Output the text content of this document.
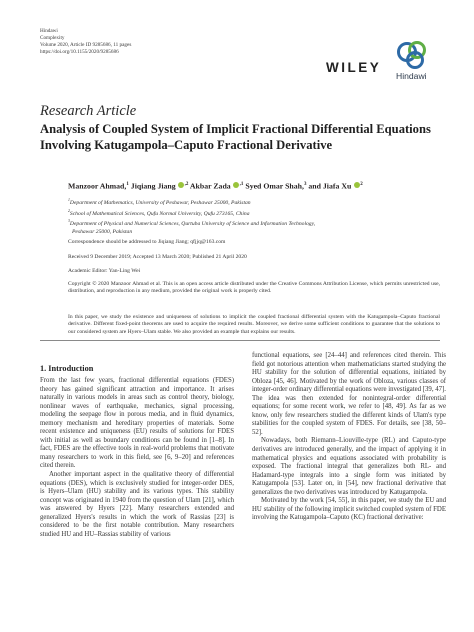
Hindawi
Complexity
Volume 2020, Article ID 9285686, 11 pages
https://doi.org/10.1155/2020/9285686
WILEY
Hindawi
Research Article
Analysis of Coupled System of Implicit Fractional Differential Equations Involving Katugampola–Caputo Fractional Derivative
Manzoor Ahmad,$^1$ Jiqiang Jiang $^{,2}$ Akbar Zada $^{,1}$ Syed Omar Shah,$^3$ and Jiafa Xu $^2$
$^1$Department of Mathematics, University of Peshawar, Peshawar 25000, Pakistan
$^2$School of Mathematical Sciences, Qufu Normal University, Qufu 273165, China
$^3$Department of Physical and Numerical Sciences, Qurtuba University of Science and Information Technology,
Peshawar 25000, Pakistan
Correspondence should be addressed to Jiqiang Jiang; qfjjq@163.com
Received 9 December 2019; Accepted 13 March 2020; Published 21 April 2020
Academic Editor: Yan-Ling Wei
Copyright © 2020 Manzoor Ahmad et al. This is an open access article distributed under the Creative Commons Attribution License, which permits unrestricted use, distribution, and reproduction in any medium, provided the original work is properly cited.
In this paper, we study the existence and uniqueness of solutions to implicit the coupled fractional differential system with the Katugampola–Caputo fractional derivative. Different fixed-point theorems are used to acquire the required results. Moreover, we derive some sufficient conditions to guarantee that the solutions to our considered system are Hyers–Ulam stable. We also provided an example that explains our results.
1. Introduction

From the last few years, fractional differential equations (FDES) theory has gained significant attraction and importance. It arises naturally in various models in areas such as control theory, biology, nonlinear waves of earthquake, mechanics, signal processing, modeling the seepage flow in porous media, and in fluid dynamics, memory mechanism and hereditary properties of materials. Some recent existence and uniqueness (EU) results of solutions for FDES with initial as well as boundary conditions can be found in [1–8]. In fact, FDES are the effective tools in real-world problems that motivate many researchers to work in this field, see [6, 9–20] and references cited therein.

Another important aspect in the qualitative theory of differential equations (DES), which is exclusively studied for integer-order DES, is Hyers–Ulam (HU) stability and its various types. This stability concept was originated in 1940 from the question of Ulam [21], which was answered by Hyers [22]. Many researchers extended and generalized Hyers's results in which the work of Rassias [23] is considered to be the first notable contribution. Many researchers studied HU and HU–Rassias stability of various

functional equations, see [24–44] and references cited therein. This field got notorious attention when mathematicians started studying the HU stability for the solution of differential equations, initiated by Obloza [45, 46]. Motivated by the work of Obloza, various classes of integer-order ordinary differential equations were investigated [39, 47]. The idea was then extended for nonintegral-order differential equations; for some recent work, we refer to [48, 49]. As far as we know, only few researchers studied the different kinds of Ulam's type stabilities for the coupled system of FDES. For details, see [38, 50–52].

Nowadays, both Riemann–Liouville-type (RL) and Caputo-type derivatives are introduced generally, and the impact of applying it in mathematical physics and equations associated with probability is exposed. The fractional integral that generalizes both RL- and Hadamard-type integrals into a single form was initiated by Katugampola [53]. Later on, in [54], new fractional derivative that generalizes the two derivatives was introduced by Katugampola.

Motivated by the work [54, 55], in this paper, we study the EU and HU stability of the following implicit switched coupled system of FDE involving the Katugampola–Caputo (KC) fractional derivative:
